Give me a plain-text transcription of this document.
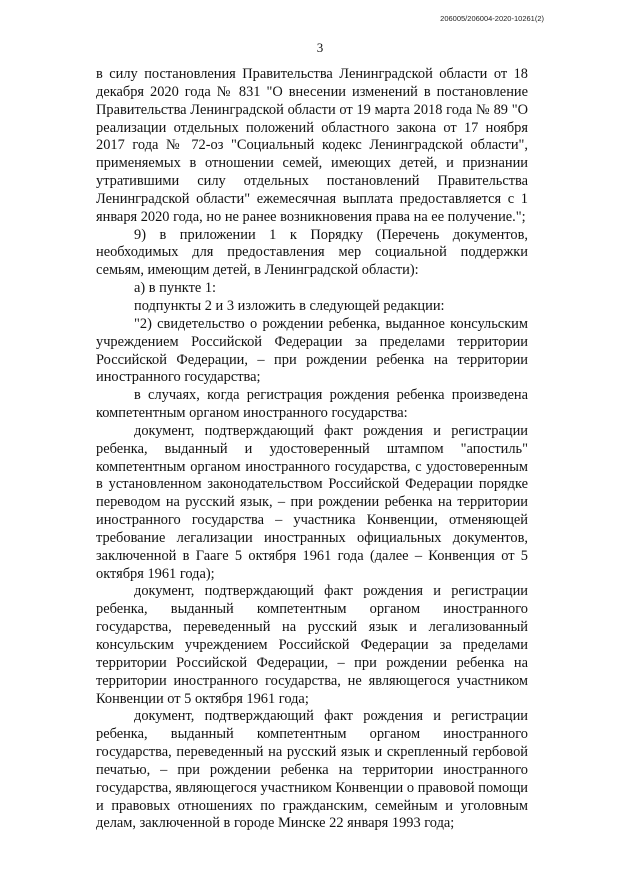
206005/206004-2020-10261(2)
3

в силу постановления Правительства Ленинградской области от 18 декабря 2020 года № 831 "О внесении изменений в постановление Правительства Ленинградской области от 19 марта 2018 года № 89 "О реализации отдельных положений областного закона от 17 ноября 2017 года № 72-оз "Социальный кодекс Ленинградской области", применяемых в отношении семей, имеющих детей, и признании утратившими силу отдельных постановлений Правительства Ленинградской области" ежемесячная выплата предоставляется с 1 января 2020 года, но не ранее возникновения права на ее получение.";

9) в приложении 1 к Порядку (Перечень документов, необходимых для предоставления мер социальной поддержки семьям, имеющим детей, в Ленинградской области):

а) в пункте 1:

подпункты 2 и 3 изложить в следующей редакции:

"2) свидетельство о рождении ребенка, выданное консульским учреждением Российской Федерации за пределами территории Российской Федерации, – при рождении ребенка на территории иностранного государства;

в случаях, когда регистрация рождения ребенка произведена компетентным органом иностранного государства:

документ, подтверждающий факт рождения и регистрации ребенка, выданный и удостоверенный штампом "апостиль" компетентным органом иностранного государства, с удостоверенным в установленном законодательством Российской Федерации порядке переводом на русский язык, – при рождении ребенка на территории иностранного государства – участника Конвенции, отменяющей требование легализации иностранных официальных документов, заключенной в Гааге 5 октября 1961 года (далее – Конвенция от 5 октября 1961 года);

документ, подтверждающий факт рождения и регистрации ребенка, выданный компетентным органом иностранного государства, переведенный на русский язык и легализованный консульским учреждением Российской Федерации за пределами территории Российской Федерации, – при рождении ребенка на территории иностранного государства, не являющегося участником Конвенции от 5 октября 1961 года;

документ, подтверждающий факт рождения и регистрации ребенка, выданный компетентным органом иностранного государства, переведенный на русский язык и скрепленный гербовой печатью, – при рождении ребенка на территории иностранного государства, являющегося участником Конвенции о правовой помощи и правовых отношениях по гражданским, семейным и уголовным делам, заключенной в городе Минске 22 января 1993 года;
